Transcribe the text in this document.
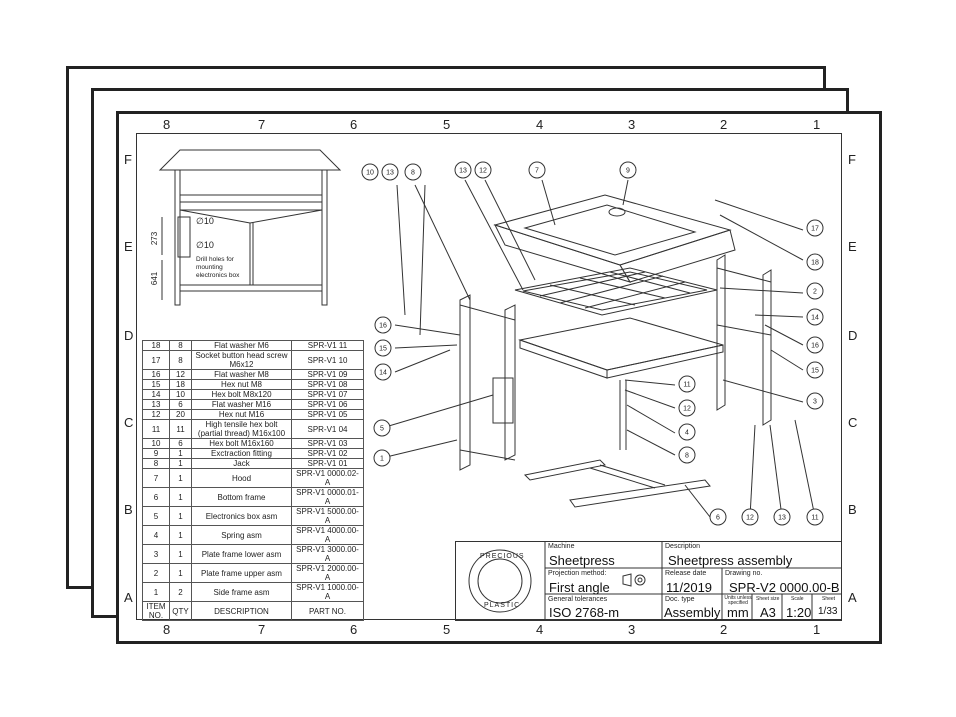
8	7	6	5	4	3	2	1
8	7	6	5	4	3	2	1
F
E
D
C
B
A
F
E
D
C
B
A
273
641
∅10
∅10
Drill holes for mounting electronics box
18	8	Flat washer M6	SPR-V1 11
17	8	Socket button head screw M6x12	SPR-V1 10
16	12	Flat washer M8	SPR-V1 09
15	18	Hex nut M8	SPR-V1 08
14	10	Hex bolt M8x120	SPR-V1 07
13	6	Flat washer M16	SPR-V1 06
12	20	Hex nut M16	SPR-V1 05
11	11	High tensile hex bolt (partial thread) M16x100	SPR-V1 04
10	6	Hex bolt M16x160	SPR-V1 03
9	1	Exctraction fitting	SPR-V1 02
8	1	Jack	SPR-V1 01
7	1	Hood	SPR-V1 0000.02-A
6	1	Bottom frame	SPR-V1 0000.01-A
5	1	Electronics box asm	SPR-V1 5000.00-A
4	1	Spring asm	SPR-V1 4000.00-A
3	1	Plate frame lower asm	SPR-V1 3000.00-A
2	1	Plate frame upper asm	SPR-V1 2000.00-A
1	2	Side frame asm	SPR-V1 1000.00-A
ITEM NO.	QTY	DESCRIPTION	PART NO.
10 13 8	13 12	7	9
17
18
2
14
16
15
3
11
12
4
8
6	12	13	11
16
15
14
5
1
PRECIOUS
PLASTIC
Machine
Sheetpress
Description
Sheetpress assembly
Projection method:
First angle
Release date
11/2019
Drawing no.
SPR-V2 0000.00-B
General tolerances
ISO 2768-m
Doc. type
Assembly
Units unless specified
mm
Sheet size
A3
Scale
1:20
Sheet
1/33
